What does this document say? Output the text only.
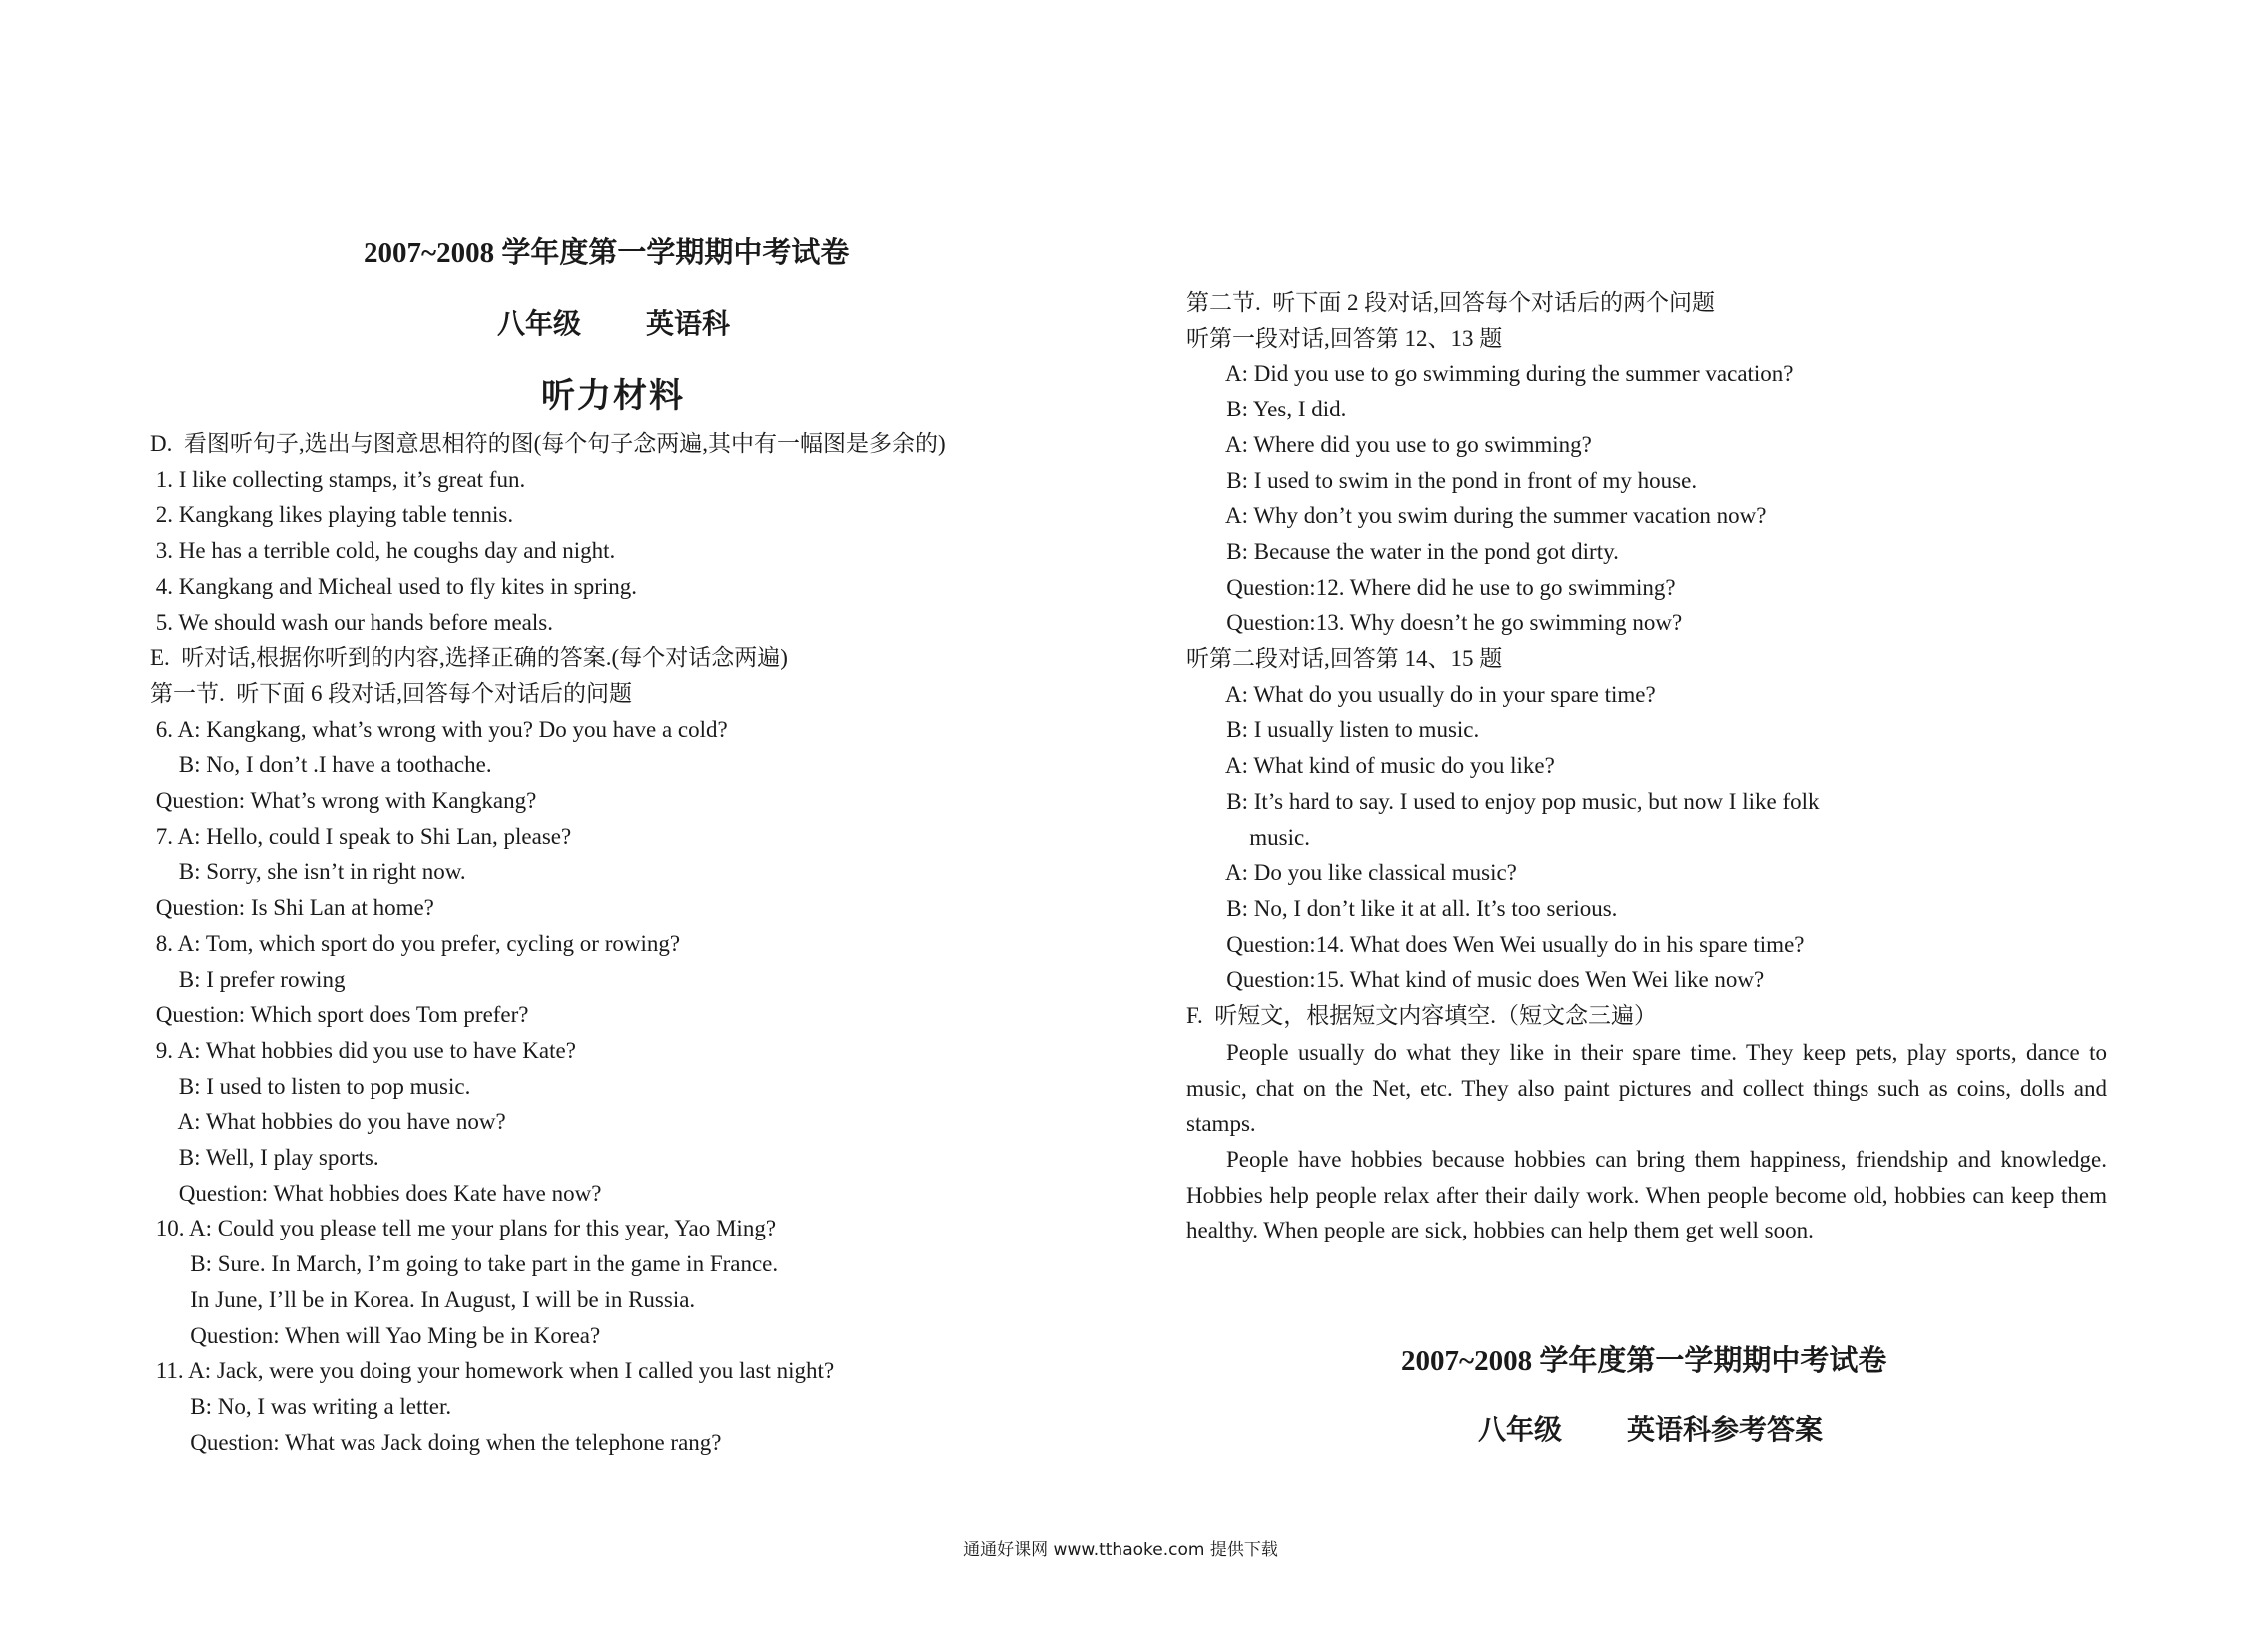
2007~2008 学年度第一学期期中考试卷
八年级　 英语科
听力材料
D.  看图听句子,选出与图意思相符的图(每个句子念两遍,其中有一幅图是多余的)
1. I like collecting stamps, it’s great fun.
2. Kangkang likes playing table tennis.
3. He has a terrible cold, he coughs day and night.
4. Kangkang and Micheal used to fly kites in spring.
5. We should wash our hands before meals.
E.  听对话,根据你听到的内容,选择正确的答案.(每个对话念两遍)
第一节.  听下面 6 段对话,回答每个对话后的问题
6. A: Kangkang, what’s wrong with you? Do you have a cold?
B: No, I don’t .I have a toothache.
Question: What’s wrong with Kangkang?
7. A: Hello, could I speak to Shi Lan, please?
B: Sorry, she isn’t in right now.
Question: Is Shi Lan at home?
8. A: Tom, which sport do you prefer, cycling or rowing?
B: I prefer rowing
Question: Which sport does Tom prefer?
9. A: What hobbies did you use to have Kate?
B: I used to listen to pop music.
A: What hobbies do you have now?
B: Well, I play sports.
Question: What hobbies does Kate have now?
10. A: Could you please tell me your plans for this year, Yao Ming?
B: Sure. In March, I’m going to take part in the game in France.
In June, I’ll be in Korea. In August, I will be in Russia.
Question: When will Yao Ming be in Korea?
11. A: Jack, were you doing your homework when I called you last night?
B: No, I was writing a letter.
Question: What was Jack doing when the telephone rang?
第二节.  听下面 2 段对话,回答每个对话后的两个问题
听第一段对话,回答第 12、13 题
A: Did you use to go swimming during the summer vacation?
B: Yes, I did.
A: Where did you use to go swimming?
B: I used to swim in the pond in front of my house.
A: Why don’t you swim during the summer vacation now?
B: Because the water in the pond got dirty.
Question:12. Where did he use to go swimming?
Question:13. Why doesn’t he go swimming now?
听第二段对话,回答第 14、15 题
A: What do you usually do in your spare time?
B: I usually listen to music.
A: What kind of music do you like?
B: It’s hard to say. I used to enjoy pop music, but now I like folk
music.
A: Do you like classical music?
B: No, I don’t like it at all. It’s too serious.
Question:14. What does Wen Wei usually do in his spare time?
Question:15. What kind of music does Wen Wei like now?
F.  听短文，根据短文内容填空.（短文念三遍）
People usually do what they like in their spare time. They keep pets, play sports, dance to music, chat on the Net, etc. They also paint pictures and collect things such as coins, dolls and stamps.
People have hobbies because hobbies can bring them happiness, friendship and knowledge. Hobbies help people relax after their daily work. When people become old, hobbies can keep them healthy. When people are sick, hobbies can help them get well soon.
2007~2008 学年度第一学期期中考试卷
八年级　 英语科参考答案
通通好课网 www.tthaoke.com 提供下载
